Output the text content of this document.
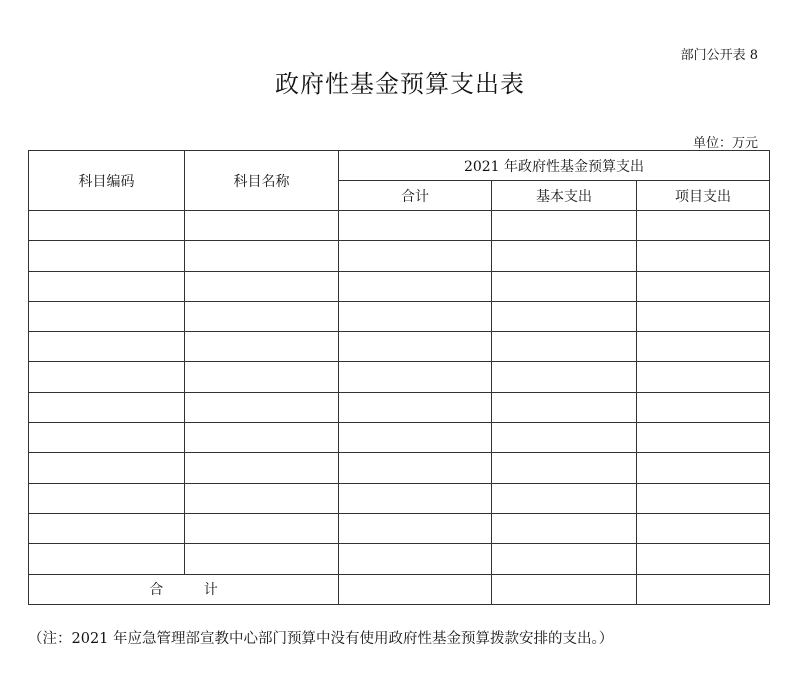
部门公开表 8
政府性基金预算支出表
单位：万元
科目编码	科目名称	2021 年政府性基金预算支出		
		合计	基本支出	项目支出

合 计				
（注：2021 年应急管理部宣教中心部门预算中没有使用政府性基金预算拨款安排的支出。）
